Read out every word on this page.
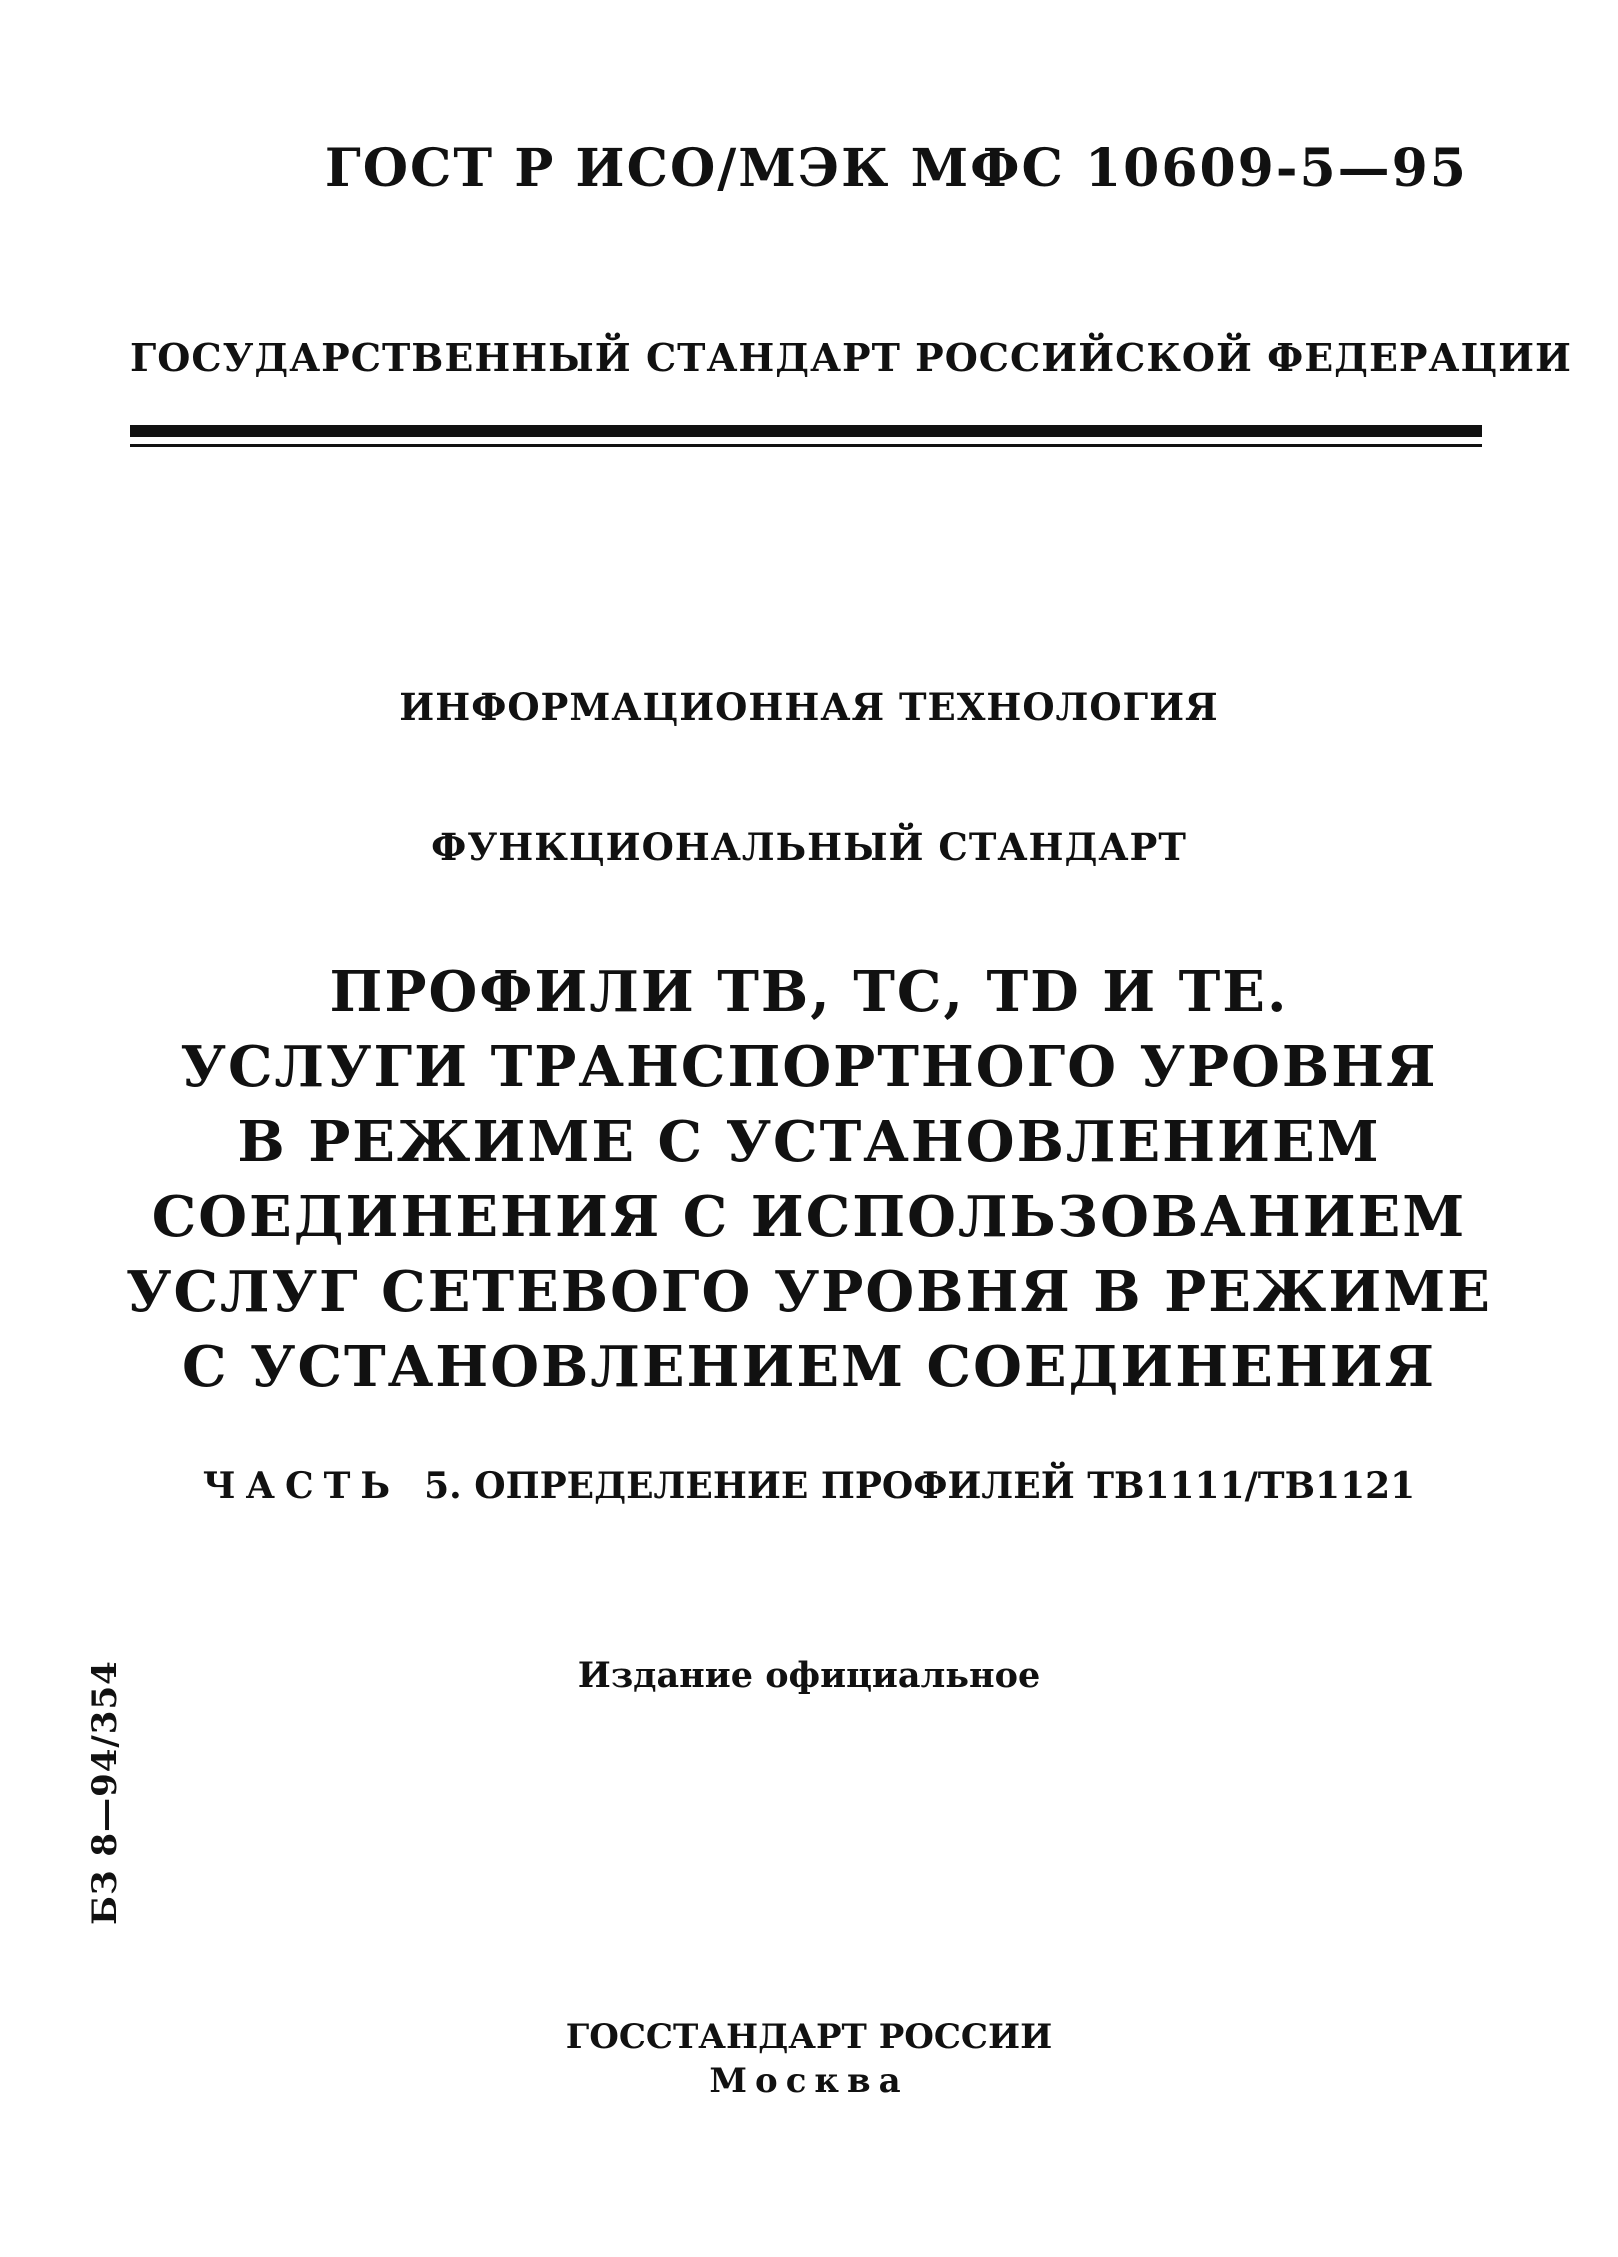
ГОСТ Р ИСО/МЭК МФС 10609-5—95
ГОСУДАРСТВЕННЫЙ СТАНДАРТ РОССИЙСКОЙ ФЕДЕРАЦИИ
ИНФОРМАЦИОННАЯ ТЕХНОЛОГИЯ
ФУНКЦИОНАЛЬНЫЙ СТАНДАРТ
ПРОФИЛИ ТВ, ТС, TD И ТЕ.
УСЛУГИ ТРАНСПОРТНОГО УРОВНЯ
В РЕЖИМЕ С УСТАНОВЛЕНИЕМ
СОЕДИНЕНИЯ С ИСПОЛЬЗОВАНИЕМ
УСЛУГ СЕТЕВОГО УРОВНЯ В РЕЖИМЕ
С УСТАНОВЛЕНИЕМ СОЕДИНЕНИЯ
ЧАСТЬ 5. ОПРЕДЕЛЕНИЕ ПРОФИЛЕЙ ТВ1111/ТВ1121
Издание официальное
БЗ 8—94/354
ГОССТАНДАРТ РОССИИ
Москва
